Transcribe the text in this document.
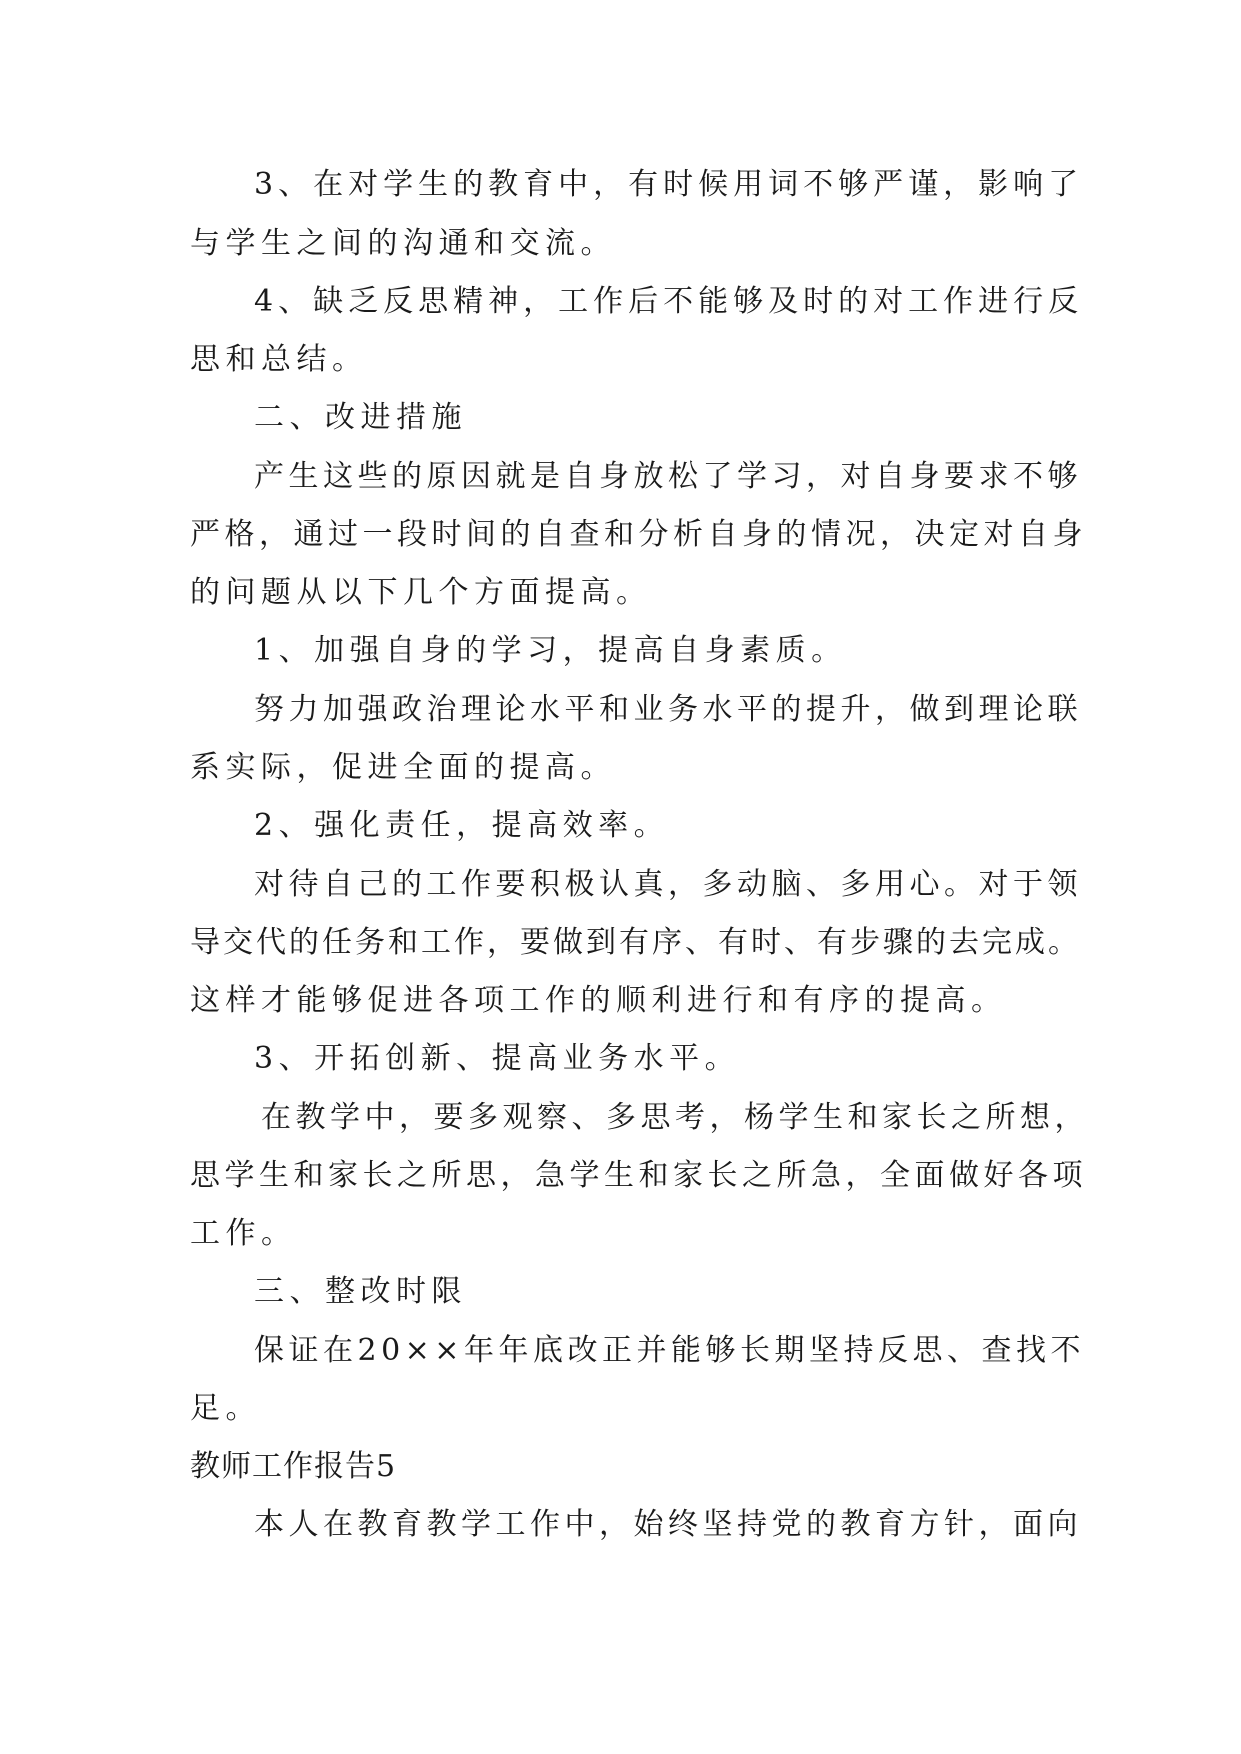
3、在对学生的教育中，有时候用词不够严谨，影响了

与学生之间的沟通和交流。

4、缺乏反思精神，工作后不能够及时的对工作进行反

思和总结。

二、改进措施

产生这些的原因就是自身放松了学习，对自身要求不够

严格，通过一段时间的自查和分析自身的情况，决定对自身

的问题从以下几个方面提高。

1、加强自身的学习，提高自身素质。

努力加强政治理论水平和业务水平的提升，做到理论联

系实际，促进全面的提高。

2、强化责任，提高效率。

对待自己的工作要积极认真，多动脑、多用心。对于领

导交代的任务和工作，要做到有序、有时、有步骤的去完成。

这样才能够促进各项工作的顺利进行和有序的提高。

3、开拓创新、提高业务水平。

在教学中，要多观察、多思考，杨学生和家长之所想，

思学生和家长之所思，急学生和家长之所急，全面做好各项

工作。

三、整改时限

保证在20××年年底改正并能够长期坚持反思、查找不

足。

教师工作报告5

本人在教育教学工作中，始终坚持党的教育方针，面向
